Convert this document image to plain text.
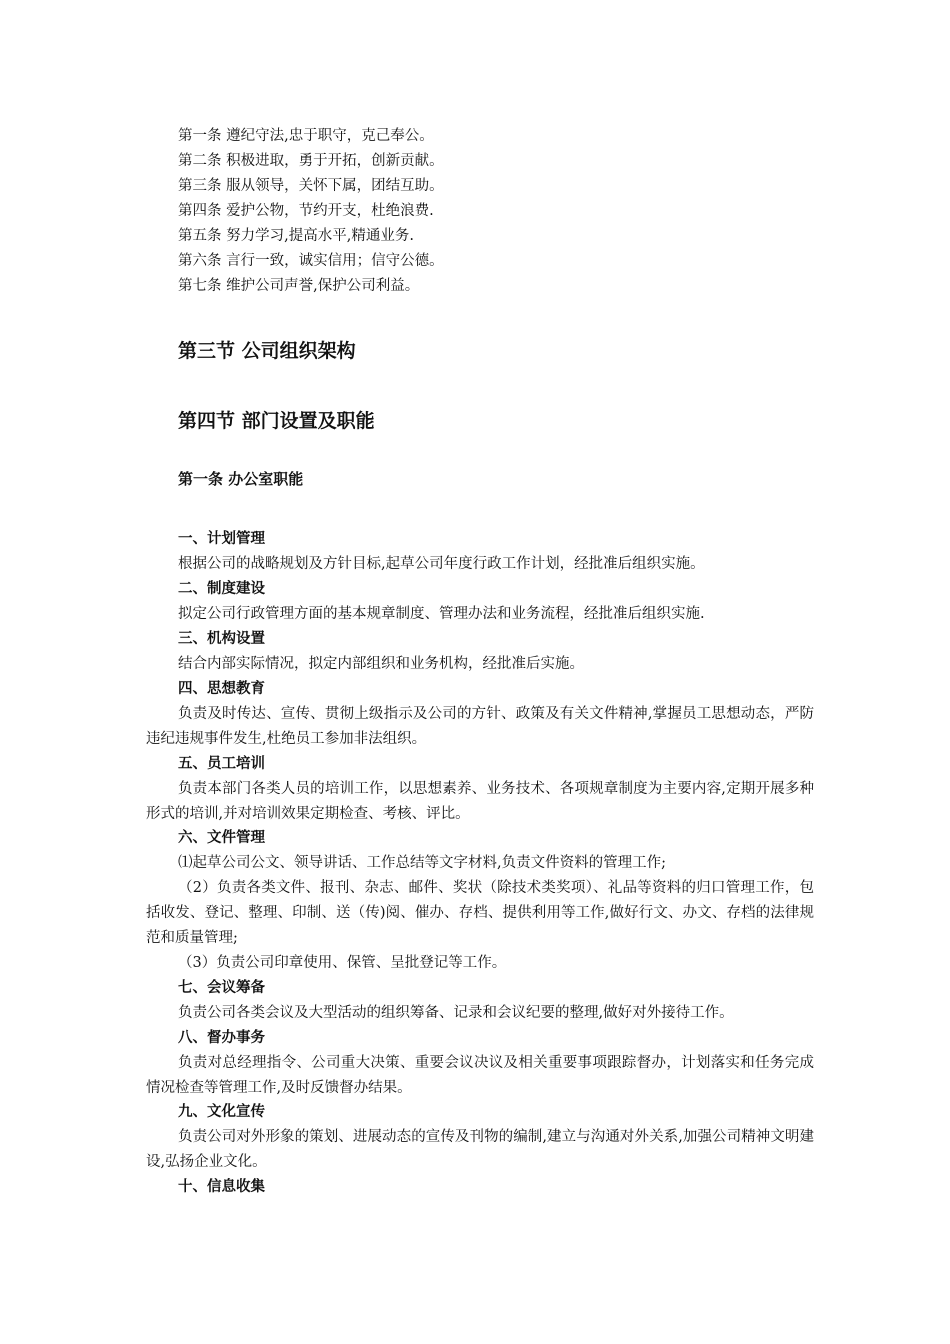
第一条 遵纪守法,忠于职守，克己奉公。
第二条 积极进取，勇于开拓，创新贡献。
第三条 服从领导，关怀下属，团结互助。
第四条 爱护公物，节约开支，杜绝浪费.
第五条 努力学习,提高水平,精通业务.
第六条 言行一致，诚实信用；信守公德。
第七条 维护公司声誉,保护公司利益。
第三节 公司组织架构
第四节 部门设置及职能
第一条 办公室职能
一、计划管理
根据公司的战略规划及方针目标,起草公司年度行政工作计划，经批准后组织实施。
二、制度建设
拟定公司行政管理方面的基本规章制度、管理办法和业务流程，经批准后组织实施.
三、机构设置
结合内部实际情况，拟定内部组织和业务机构，经批准后实施。
四、思想教育
负责及时传达、宣传、贯彻上级指示及公司的方针、政策及有关文件精神,掌握员工思想动态，严防违纪违规事件发生,杜绝员工参加非法组织。
五、员工培训
负责本部门各类人员的培训工作，以思想素养、业务技术、各项规章制度为主要内容,定期开展多种形式的培训,并对培训效果定期检查、考核、评比。
六、文件管理
⑴起草公司公文、领导讲话、工作总结等文字材料,负责文件资料的管理工作;
（2）负责各类文件、报刊、杂志、邮件、奖状（除技术类奖项）、礼品等资料的归口管理工作，包括收发、登记、整理、印制、送（传)阅、催办、存档、提供利用等工作,做好行文、办文、存档的法律规范和质量管理;
（3）负责公司印章使用、保管、呈批登记等工作。
七、会议筹备
负责公司各类会议及大型活动的组织筹备、记录和会议纪要的整理,做好对外接待工作。
八、督办事务
负责对总经理指令、公司重大决策、重要会议决议及相关重要事项跟踪督办，计划落实和任务完成情况检查等管理工作,及时反馈督办结果。
九、文化宣传
负责公司对外形象的策划、进展动态的宣传及刊物的编制,建立与沟通对外关系,加强公司精神文明建设,弘扬企业文化。
十、信息收集
